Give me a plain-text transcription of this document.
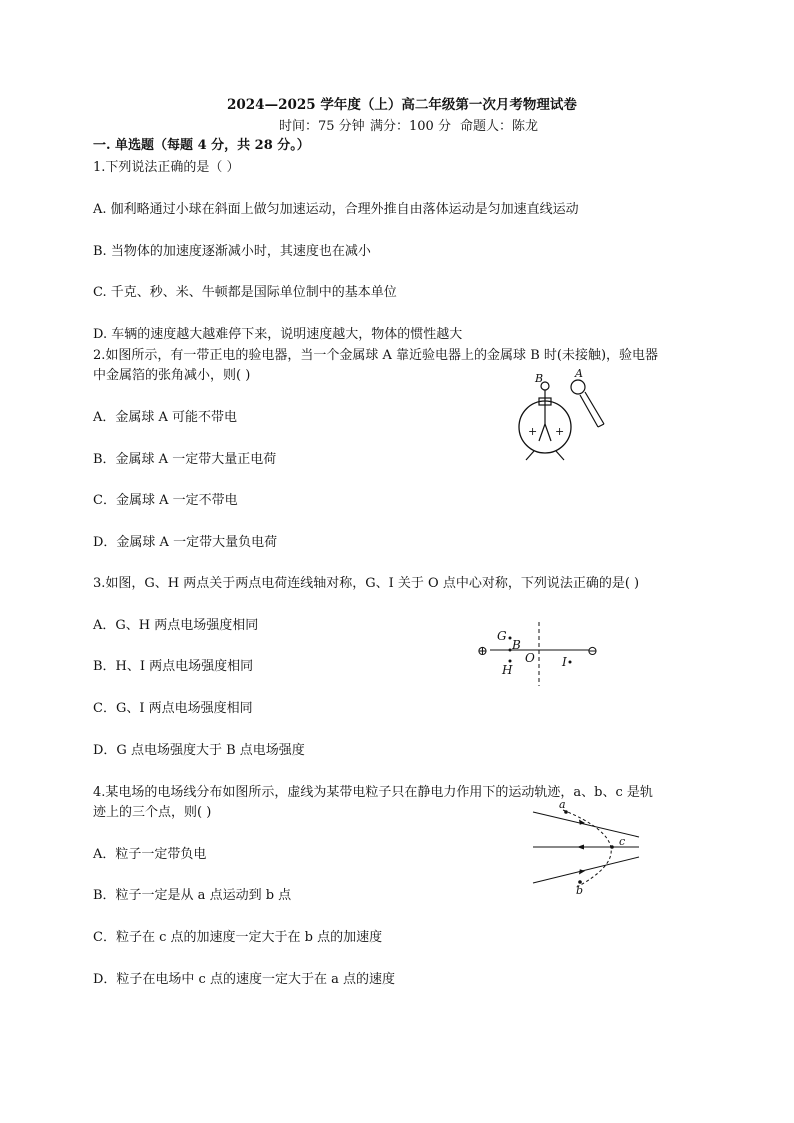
2024—2025 学年度（上）高二年级第一次月考物理试卷
时间：75 分钟 满分：100 分 命题人：陈龙
一. 单选题（每题 4 分，共 28 分。）
1.下列说法正确的是（ ）
A. 伽利略通过小球在斜面上做匀加速运动，合理外推自由落体运动是匀加速直线运动
B. 当物体的加速度逐渐减小时，其速度也在减小
C. 千克、秒、米、牛顿都是国际单位制中的基本单位
D. 车辆的速度越大越难停下来，说明速度越大，物体的惯性越大
2.如图所示，有一带正电的验电器，当一个金属球 A 靠近验电器上的金属球 B 时(未接触)，验电器
中金属箔的张角减小，则( )
A．金属球 A 可能不带电
B．金属球 A 一定带大量正电荷
C．金属球 A 一定不带电
D．金属球 A 一定带大量负电荷
B	A
+ +
3.如图，G、H 两点关于两点电荷连线轴对称，G、I 关于 O 点中心对称，下列说法正确的是( )
A．G、H 两点电场强度相同
B．H、I 两点电场强度相同
C．G、I 两点电场强度相同
D．G 点电场强度大于 B 点电场强度
⊕	⊖
G
B
O
H
I
4.某电场的电场线分布如图所示，虚线为某带电粒子只在静电力作用下的运动轨迹，a、b、c 是轨
迹上的三个点，则( )
A．粒子一定带负电
B．粒子一定是从 a 点运动到 b 点
C．粒子在 c 点的加速度一定大于在 b 点的加速度
D．粒子在电场中 c 点的速度一定大于在 a 点的速度
a
c
b
